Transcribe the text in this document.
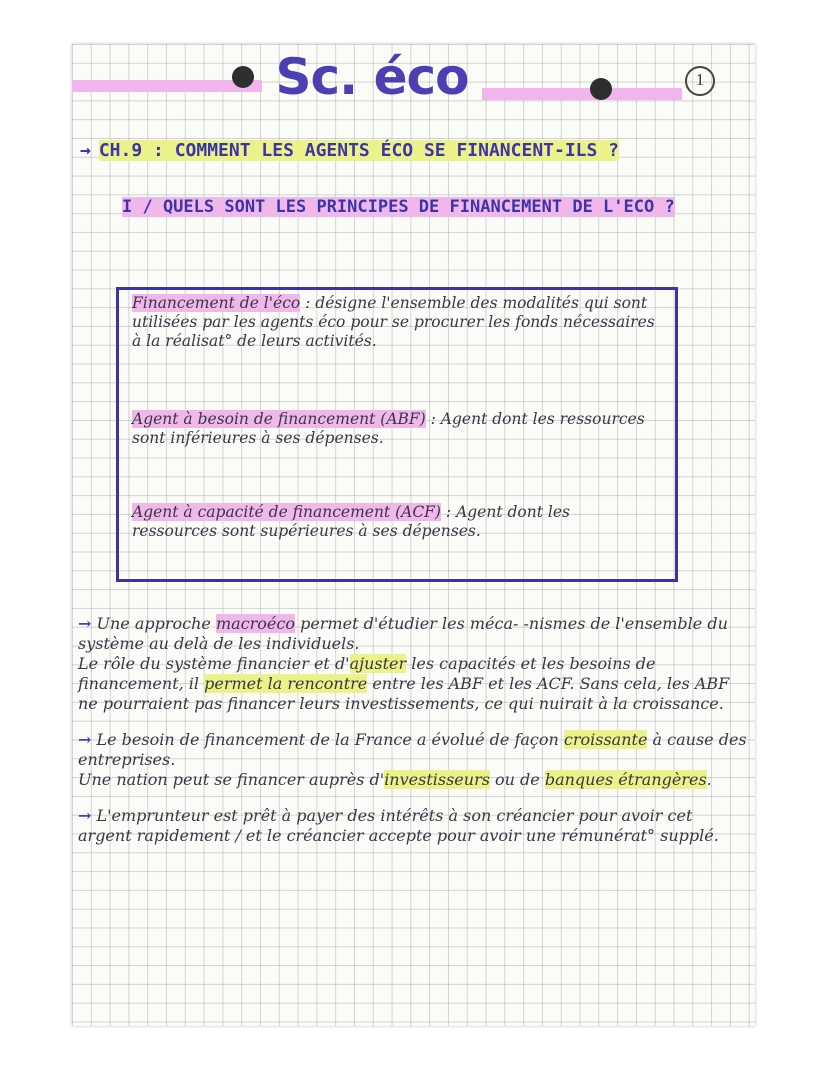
Sc. éco	1
→ CH.9 : COMMENT LES AGENTS ÉCO SE FINANCENT-ILS ?
I / QUELS SONT LES PRINCIPES DE FINANCEMENT DE L'ECO ?
Financement de l'éco : désigne l'ensemble des modalités qui sont utilisées par les agents éco pour se procurer les fonds nécessaires à la réalisat° de leurs activités.
Agent à besoin de financement (ABF) : Agent dont les ressources sont inférieures à ses dépenses.
Agent à capacité de financement (ACF) : Agent dont les ressources sont supérieures à ses dépenses.

→ Une approche macroéco permet d'étudier les méca- -nismes de l'ensemble du système au delà de les individuels.

Le rôle du système financier et d'ajuster les capacités et les besoins de financement, il permet la rencontre entre les ABF et les ACF. Sans cela, les ABF ne pourraient pas financer leurs investissements, ce qui nuirait à la croissance.

→ Le besoin de financement de la France a évolué de façon croissante à cause des entreprises.

Une nation peut se financer auprès d'investisseurs ou de banques étrangères.

→ L'emprunteur est prêt à payer des intérêts à son créancier pour avoir cet argent rapidement / et le créancier accepte pour avoir une rémunérat° supplé.
